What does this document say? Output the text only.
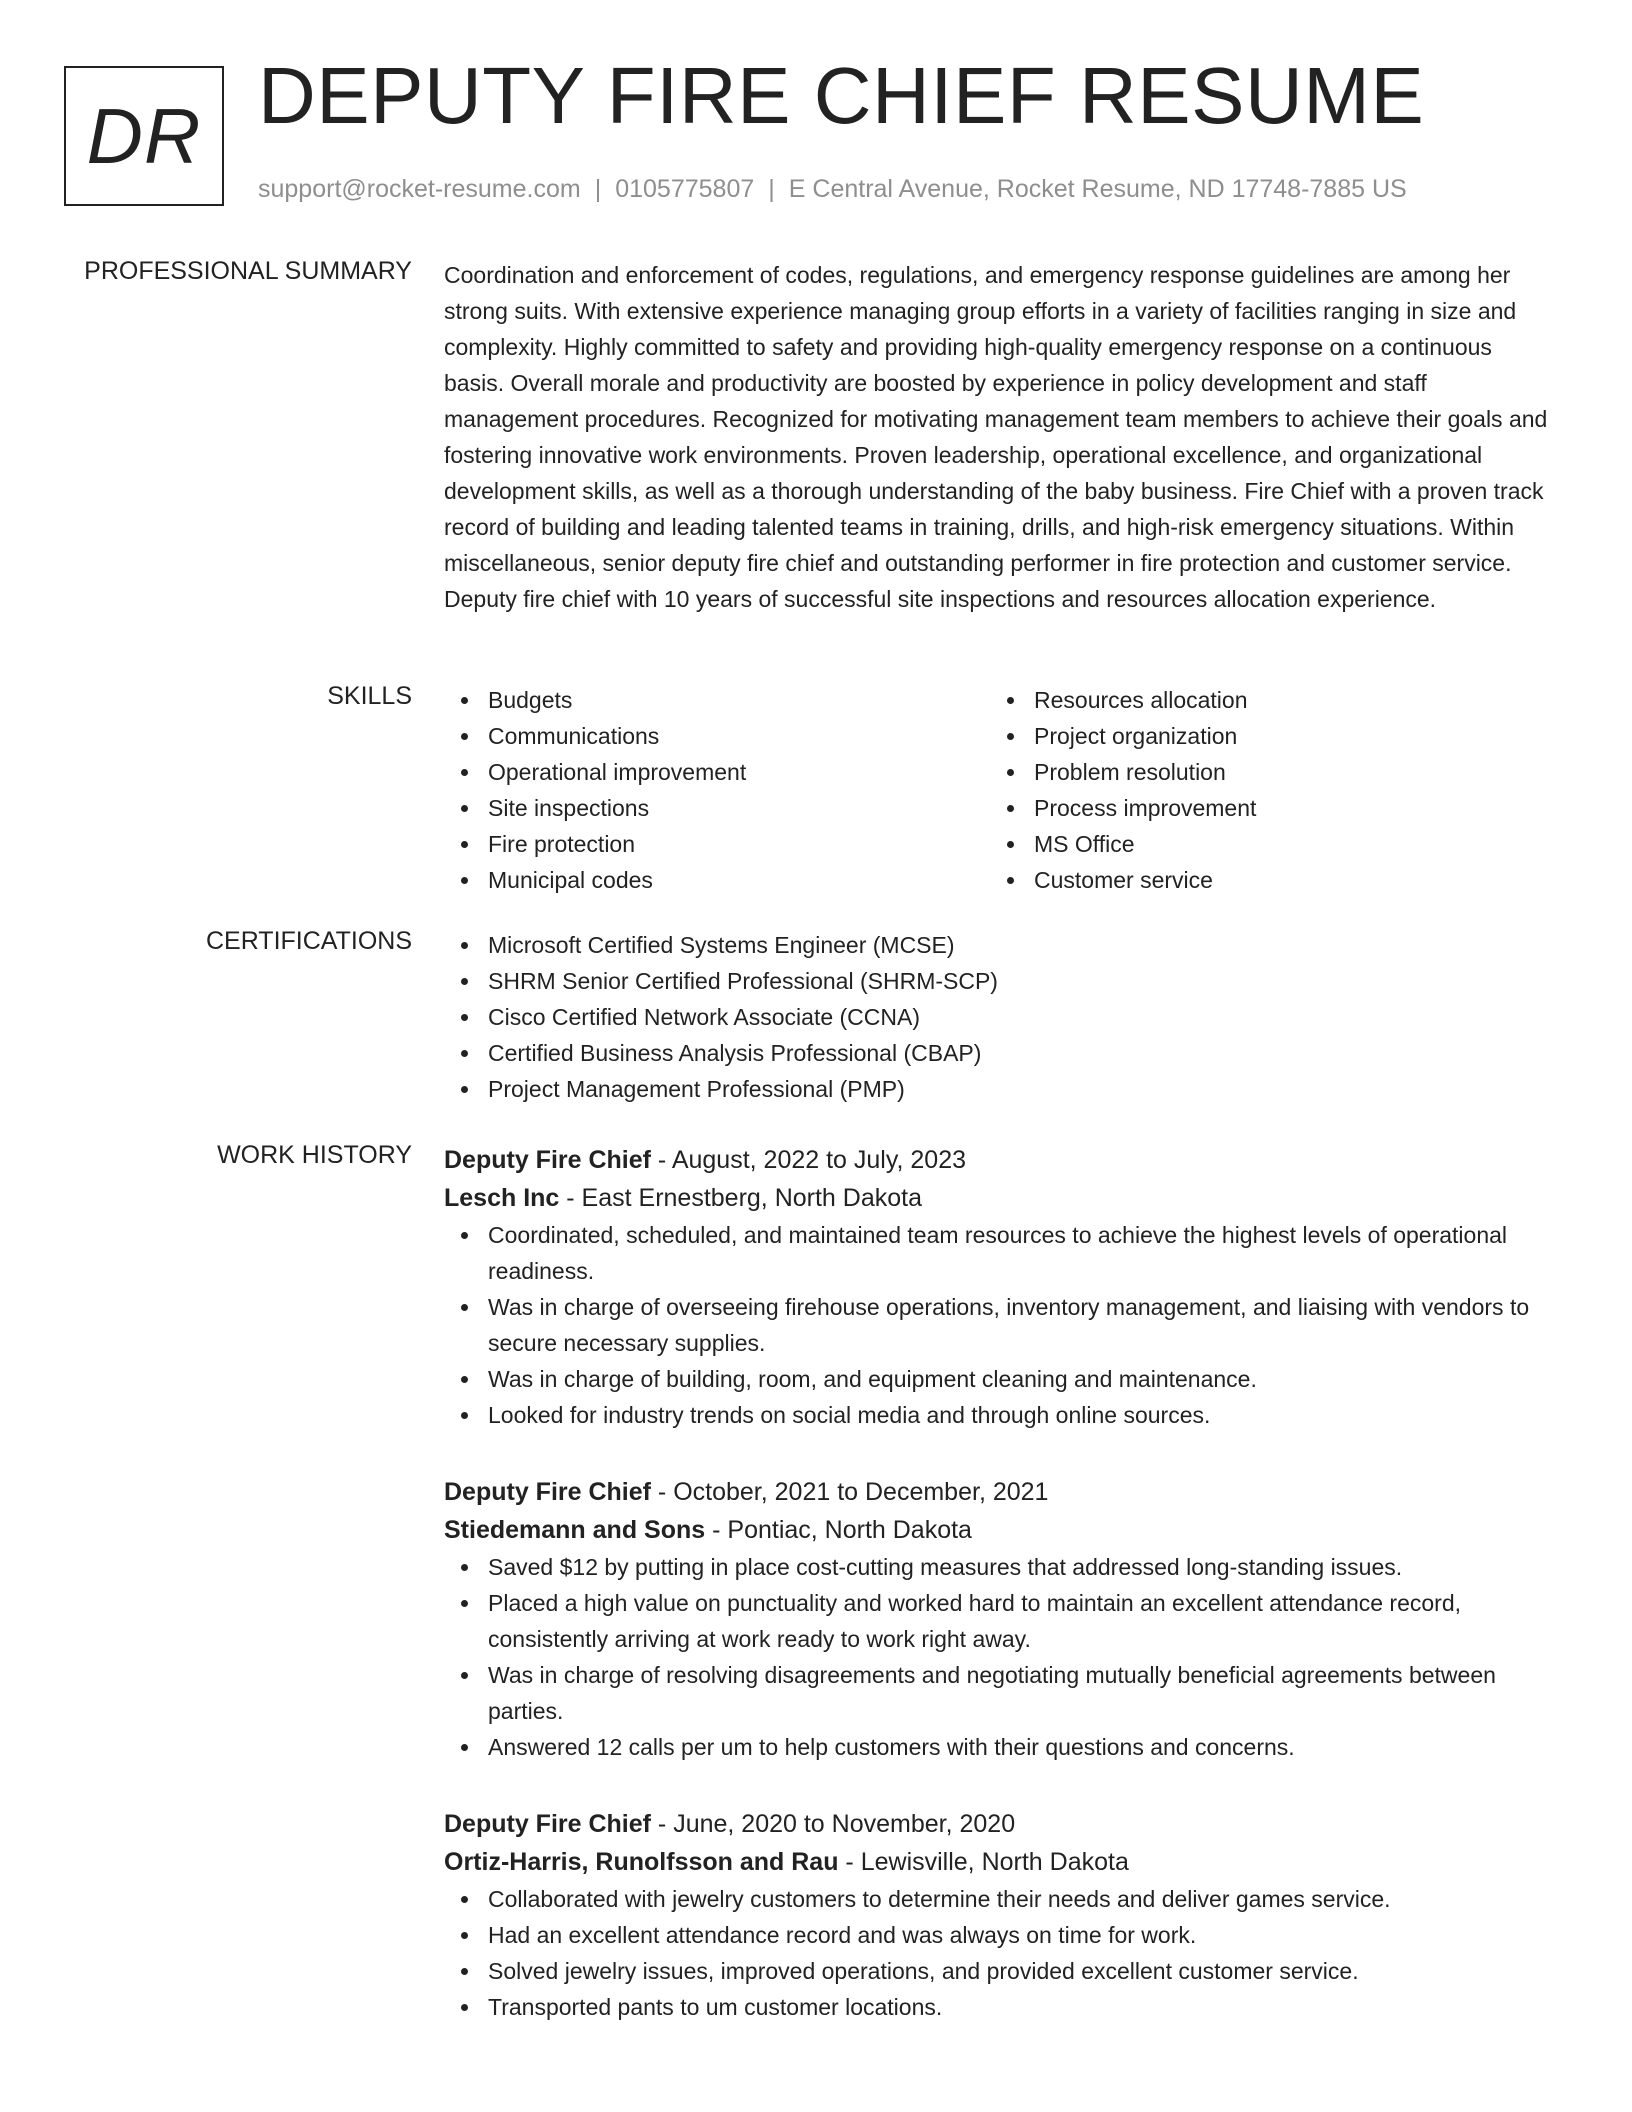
DR DEPUTY FIRE CHIEF RESUME
support@rocket-resume.com | 0105775807 | E Central Avenue, Rocket Resume, ND 17748-7885 US
PROFESSIONAL SUMMARY Coordination and enforcement of codes, regulations, and emergency response guidelines are among her strong suits. With extensive experience managing group efforts in a variety of facilities ranging in size and complexity. Highly committed to safety and providing high-quality emergency response on a continuous basis. Overall morale and productivity are boosted by experience in policy development and staff management procedures. Recognized for motivating management team members to achieve their goals and fostering innovative work environments. Proven leadership, operational excellence, and organizational development skills, as well as a thorough understanding of the baby business. Fire Chief with a proven track record of building and leading talented teams in training, drills, and high-risk emergency situations. Within miscellaneous, senior deputy fire chief and outstanding performer in fire protection and customer service. Deputy fire chief with 10 years of successful site inspections and resources allocation experience.

SKILLS	Budgets
Communications
Operational improvement
Site inspections
Fire protection
Municipal codes
Resources allocation
Project organization
Problem resolution
Process improvement
MS Office
Customer service
CERTIFICATIONS	Microsoft Certified Systems Engineer (MCSE)
SHRM Senior Certified Professional (SHRM-SCP)
Cisco Certified Network Associate (CCNA)
Certified Business Analysis Professional (CBAP)
Project Management Professional (PMP)
WORK HISTORY Deputy Fire Chief - August, 2022 to July, 2023
Lesch Inc - East Ernestberg, North Dakota
Coordinated, scheduled, and maintained team resources to achieve the highest levels of operational readiness.
Was in charge of overseeing firehouse operations, inventory management, and liaising with vendors to secure necessary supplies.
Was in charge of building, room, and equipment cleaning and maintenance.
Looked for industry trends on social media and through online sources.
Deputy Fire Chief - October, 2021 to December, 2021
Stiedemann and Sons - Pontiac, North Dakota
Saved $12 by putting in place cost-cutting measures that addressed long-standing issues.
Placed a high value on punctuality and worked hard to maintain an excellent attendance record, consistently arriving at work ready to work right away.
Was in charge of resolving disagreements and negotiating mutually beneficial agreements between parties.
Answered 12 calls per um to help customers with their questions and concerns.
Deputy Fire Chief - June, 2020 to November, 2020
Ortiz-Harris, Runolfsson and Rau - Lewisville, North Dakota
Collaborated with jewelry customers to determine their needs and deliver games service.
Had an excellent attendance record and was always on time for work.
Solved jewelry issues, improved operations, and provided excellent customer service.
Transported pants to um customer locations.
